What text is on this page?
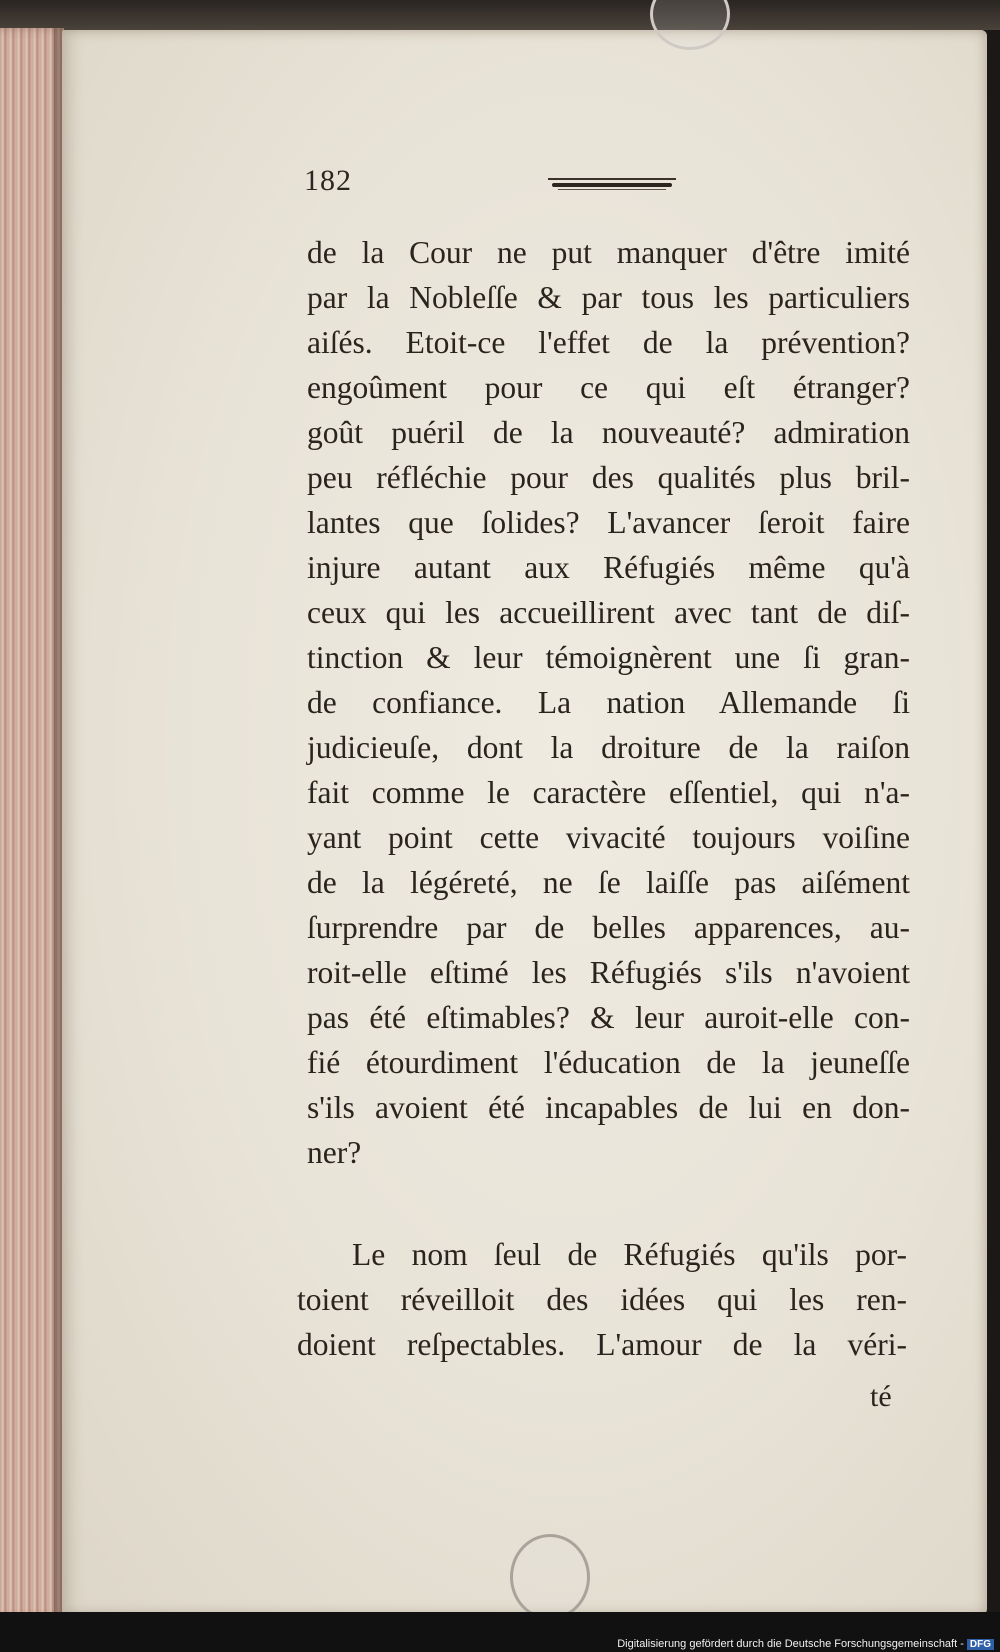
182
de la Cour ne put manquer d'être imité
par la Nobleſſe & par tous les particuliers
aiſés. Etoit-ce l'effet de la prévention?
engoûment pour ce qui eſt étranger?
goût puéril de la nouveauté? admiration
peu réfléchie pour des qualités plus bril-
lantes que ſolides? L'avancer ſeroit faire
injure autant aux Réfugiés même qu'à
ceux qui les accueillirent avec tant de diſ-
tinction & leur témoignèrent une ſi gran-
de confiance. La nation Allemande ſi
judicieuſe, dont la droiture de la raiſon
fait comme le caractère eſſentiel, qui n'a-
yant point cette vivacité toujours voiſine
de la légéreté, ne ſe laiſſe pas aiſément
ſurprendre par de belles apparences, au-
roit-elle eſtimé les Réfugiés s'ils n'avoient
pas été eſtimables? & leur auroit-elle con-
fié étourdiment l'éducation de la jeuneſſe
s'ils avoient été incapables de lui en don-
ner?
Le nom ſeul de Réfugiés qu'ils por-
toient réveilloit des idées qui les ren-
doient reſpectables. L'amour de la véri-
té
Digitalisierung gefördert durch die Deutsche Forschungsgemeinschaft - DFG
